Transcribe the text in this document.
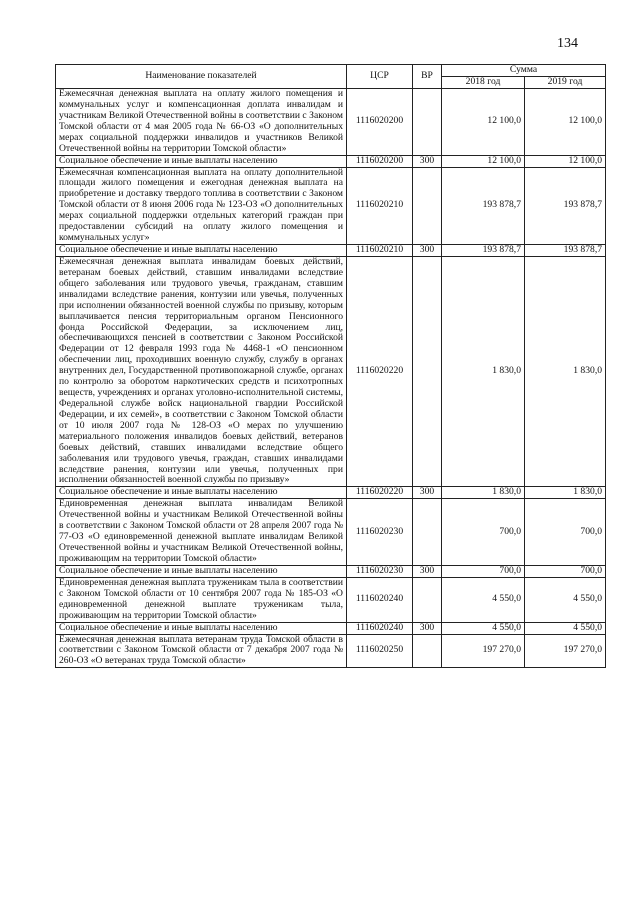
134
Наименование показателей	ЦСР	ВР	Сумма	
			2018 год	2019 год
Ежемесячная денежная выплата на оплату жилого помещения и коммунальных услуг и компенсационная доплата инвалидам и участникам Великой Отечественной войны в соответствии с Законом Томской области от 4 мая 2005 года № 66-ОЗ «О дополнительных мерах социальной поддержки инвалидов и участников Великой Отечественной войны на территории Томской области»	1116020200		12 100,0	12 100,0
Социальное обеспечение и иные выплаты населению	1116020200	300	12 100,0	12 100,0
Ежемесячная компенсационная выплата на оплату дополнительной площади жилого помещения и ежегодная денежная выплата на приобретение и доставку твердого топлива в соответствии с Законом Томской области от 8 июня 2006 года № 123-ОЗ «О дополнительных мерах социальной поддержки отдельных категорий граждан при предоставлении субсидий на оплату жилого помещения и коммунальных услуг»	1116020210		193 878,7	193 878,7
Социальное обеспечение и иные выплаты населению	1116020210	300	193 878,7	193 878,7
Ежемесячная денежная выплата инвалидам боевых действий, ветеранам боевых действий, ставшим инвалидами вследствие общего заболевания или трудового увечья, гражданам, ставшим инвалидами вследствие ранения, контузии или увечья, полученных при исполнении обязанностей военной службы по призыву, которым выплачивается пенсия территориальным органом Пенсионного фонда Российской Федерации, за исключением лиц, обеспечивающихся пенсией в соответствии с Законом Российской Федерации от 12 февраля 1993 года № 4468-1 «О пенсионном обеспечении лиц, проходивших военную службу, службу в органах внутренних дел, Государственной противопожарной службе, органах по контролю за оборотом наркотических средств и психотропных веществ, учреждениях и органах уголовно-исполнительной системы, Федеральной службе войск национальной гвардии Российской Федерации, и их семей», в соответствии с Законом Томской области от 10 июля 2007 года № 128-ОЗ «О мерах по улучшению материального положения инвалидов боевых действий, ветеранов боевых действий, ставших инвалидами вследствие общего заболевания или трудового увечья, граждан, ставших инвалидами вследствие ранения, контузии или увечья, полученных при исполнении обязанностей военной службы по призыву»	1116020220		1 830,0	1 830,0
Социальное обеспечение и иные выплаты населению	1116020220	300	1 830,0	1 830,0
Единовременная денежная выплата инвалидам Великой Отечественной войны и участникам Великой Отечественной войны в соответствии с Законом Томской области от 28 апреля 2007 года № 77-ОЗ «О единовременной денежной выплате инвалидам Великой Отечественной войны и участникам Великой Отечественной войны, проживающим на территории Томской области»	1116020230		700,0	700,0
Социальное обеспечение и иные выплаты населению	1116020230	300	700,0	700,0
Единовременная денежная выплата труженикам тыла в соответствии с Законом Томской области от 10 сентября 2007 года № 185-ОЗ «О единовременной денежной выплате труженикам тыла, проживающим на территории Томской области»	1116020240		4 550,0	4 550,0
Социальное обеспечение и иные выплаты населению	1116020240	300	4 550,0	4 550,0
Ежемесячная денежная выплата ветеранам труда Томской области в соответствии с Законом Томской области от 7 декабря 2007 года № 260-ОЗ «О ветеранах труда Томской области»	1116020250		197 270,0	197 270,0
